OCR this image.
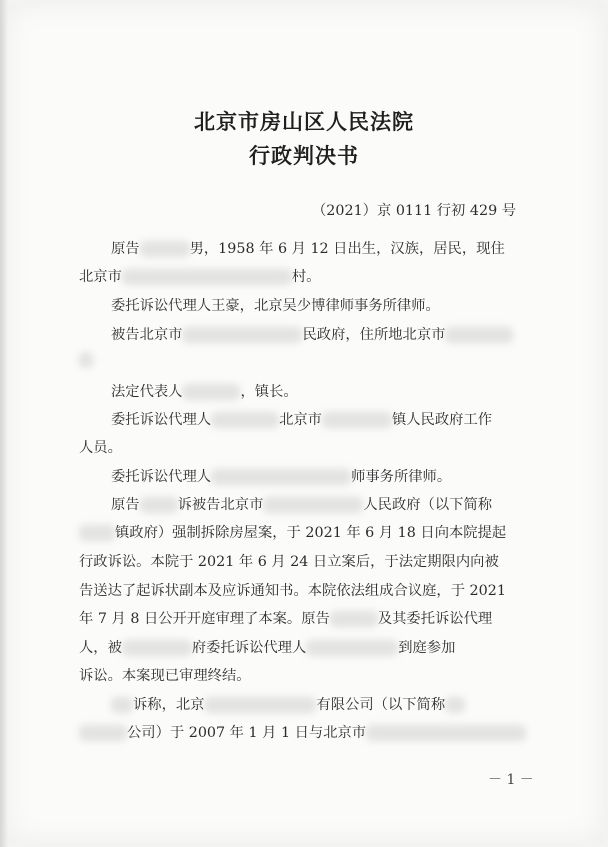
北京市房山区人民法院
行政判决书
（2021）京 0111 行初 429 号
原告	男，1958 年 6 月 12 日出生，汉族，居民，现住
北京市	村。
委托诉讼代理人王豪，北京吴少博律师事务所律师。
被告北京市	民政府，住所地北京市
法定代表人	，镇长。
委托诉讼代理人	北京市	镇人民政府工作
人员。
委托诉讼代理人	师事务所律师。
原告	诉被告北京市	人民政府（以下简称
镇政府）强制拆除房屋案，于 2021 年 6 月 18 日向本院提起
行政诉讼。本院于 2021 年 6 月 24 日立案后，于法定期限内向被
告送达了起诉状副本及应诉通知书。本院依法组成合议庭，于 2021
年 7 月 8 日公开开庭审理了本案。原告	及其委托诉讼代理
人，被	府委托诉讼代理人	到庭参加
诉讼。本案现已审理终结。
诉称，北京	有限公司（以下简称
公司）于 2007 年 1 月 1 日与北京市
－ 1 －
